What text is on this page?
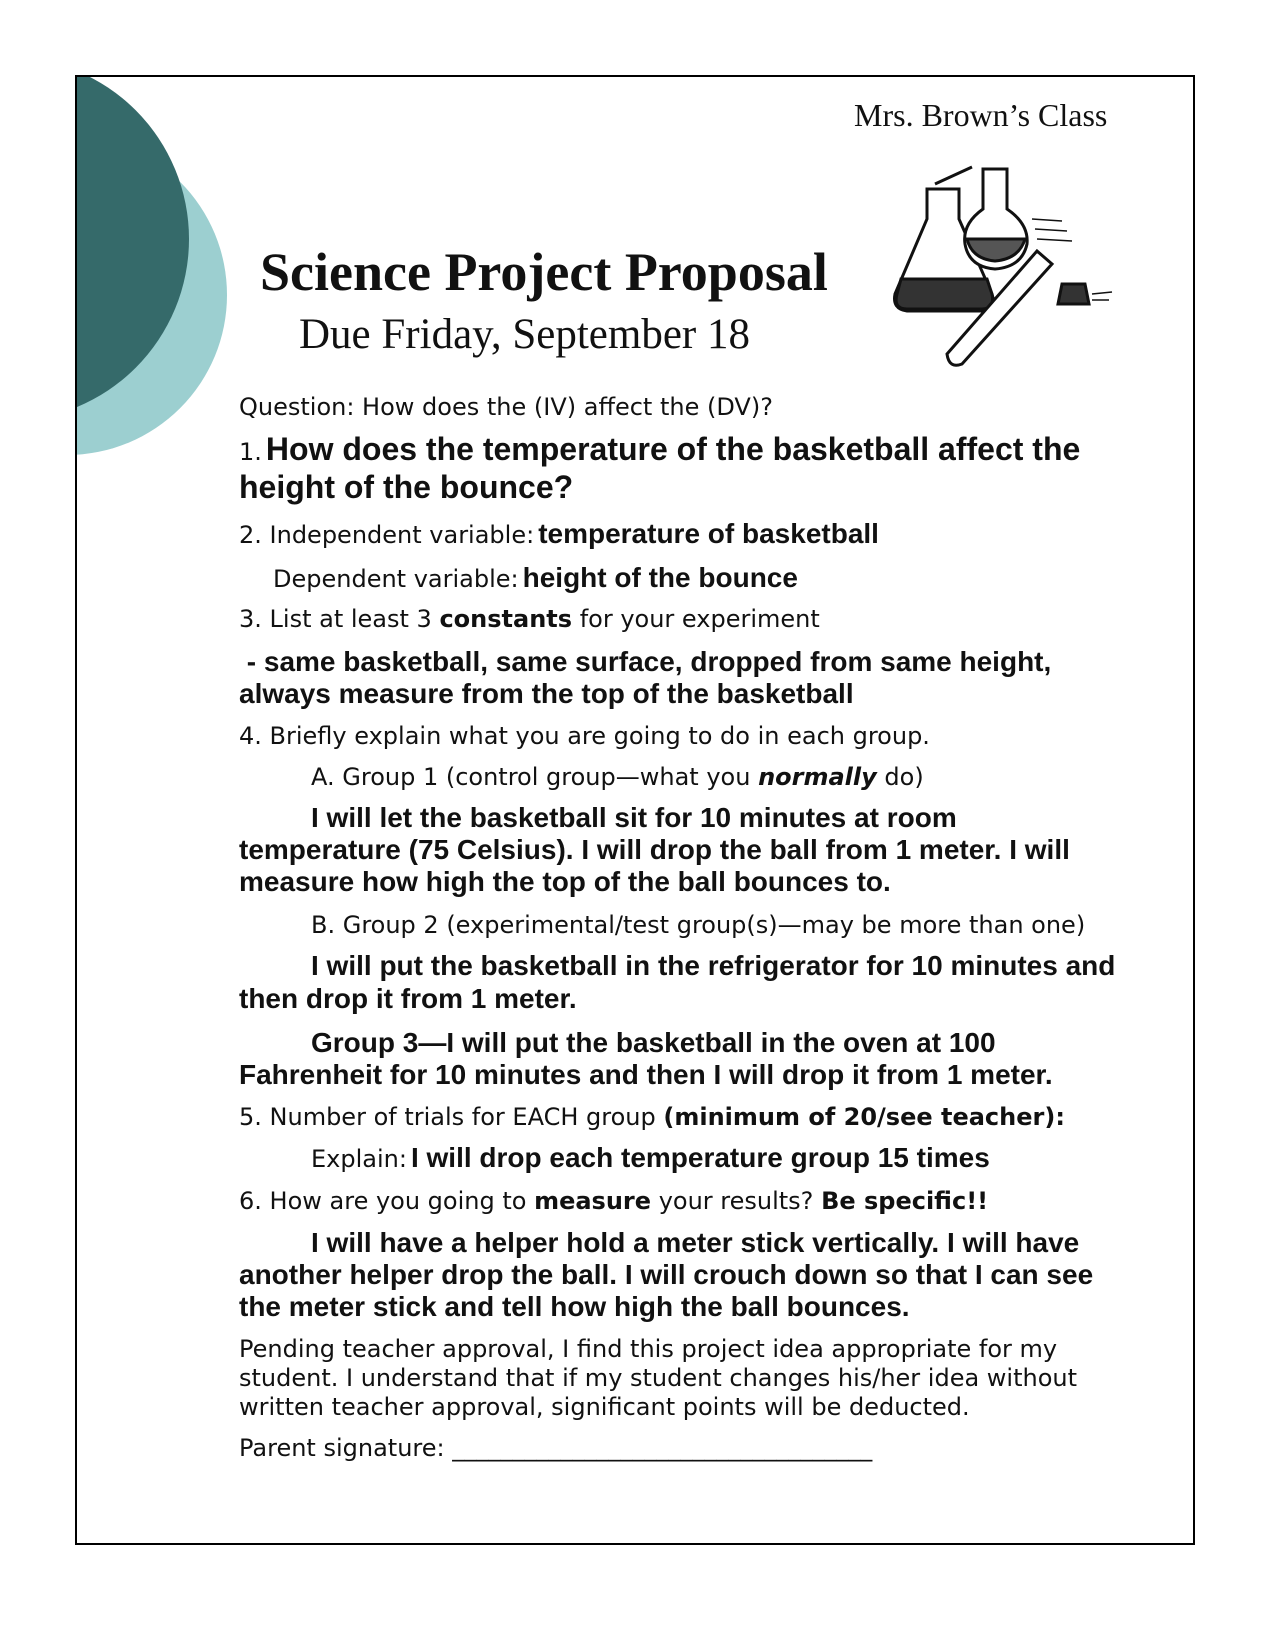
Mrs. Brown’s Class
Science Project Proposal
Due Friday, September 18
Question: How does the (IV) affect the (DV)?
1. How does the temperature of the basketball affect the
height of the bounce?
2. Independent variable: temperature of basketball
Dependent variable: height of the bounce
3. List at least 3 constants for your experiment
- same basketball, same surface, dropped from same height,
always measure from the top of the basketball
4. Briefly explain what you are going to do in each group.
A. Group 1 (control group—what you normally do)
I will let the basketball sit for 10 minutes at room
temperature (75 Celsius). I will drop the ball from 1 meter. I will
measure how high the top of the ball bounces to.
B. Group 2 (experimental/test group(s)—may be more than one)
I will put the basketball in the refrigerator for 10 minutes and
then drop it from 1 meter.
Group 3—I will put the basketball in the oven at 100
Fahrenheit for 10 minutes and then I will drop it from 1 meter.
5. Number of trials for EACH group (minimum of 20/see teacher):
Explain: I will drop each temperature group 15 times
6. How are you going to measure your results? Be specific!!
I will have a helper hold a meter stick vertically. I will have
another helper drop the ball. I will crouch down so that I can see
the meter stick and tell how high the ball bounces.
Pending teacher approval, I find this project idea appropriate for my
student. I understand that if my student changes his/her idea without
written teacher approval, significant points will be deducted.
Parent signature: ___________________________________
